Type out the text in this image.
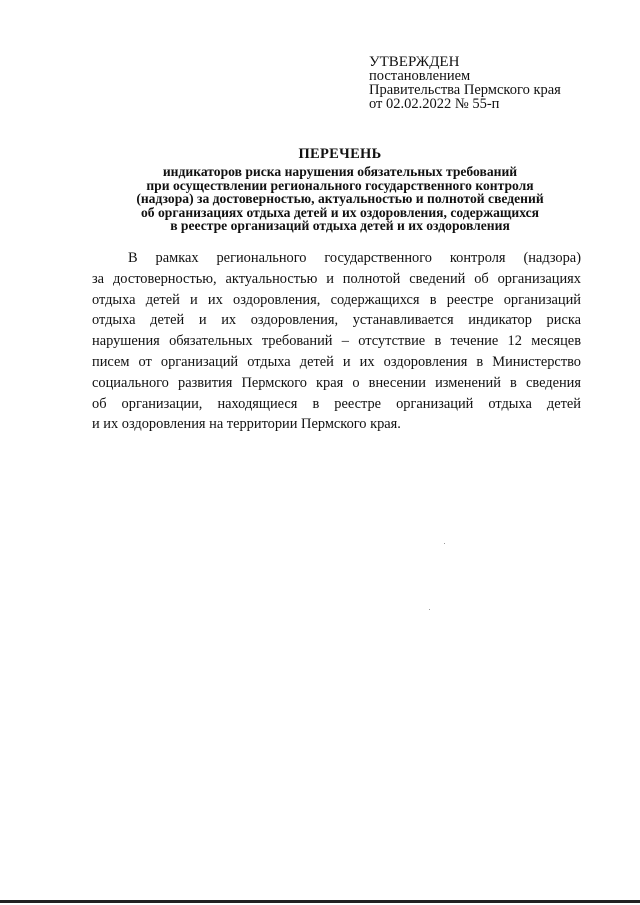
УТВЕРЖДЕН
постановлением
Правительства Пермского края
от 02.02.2022 № 55-п
ПЕРЕЧЕНЬ
индикаторов риска нарушения обязательных требований
при осуществлении регионального государственного контроля
(надзора) за достоверностью, актуальностью и полнотой сведений
об организациях отдыха детей и их оздоровления, содержащихся
в реестре организаций отдыха детей и их оздоровления
В рамках регионального государственного контроля (надзора)
за достоверностью, актуальностью и полнотой сведений об организациях
отдыха детей и их оздоровления, содержащихся в реестре организаций
отдыха детей и их оздоровления, устанавливается индикатор риска
нарушения обязательных требований – отсутствие в течение 12 месяцев
писем от организаций отдыха детей и их оздоровления в Министерство
социального развития Пермского края о внесении изменений в сведения
об организации, находящиеся в реестре организаций отдыха детей
и их оздоровления на территории Пермского края.
